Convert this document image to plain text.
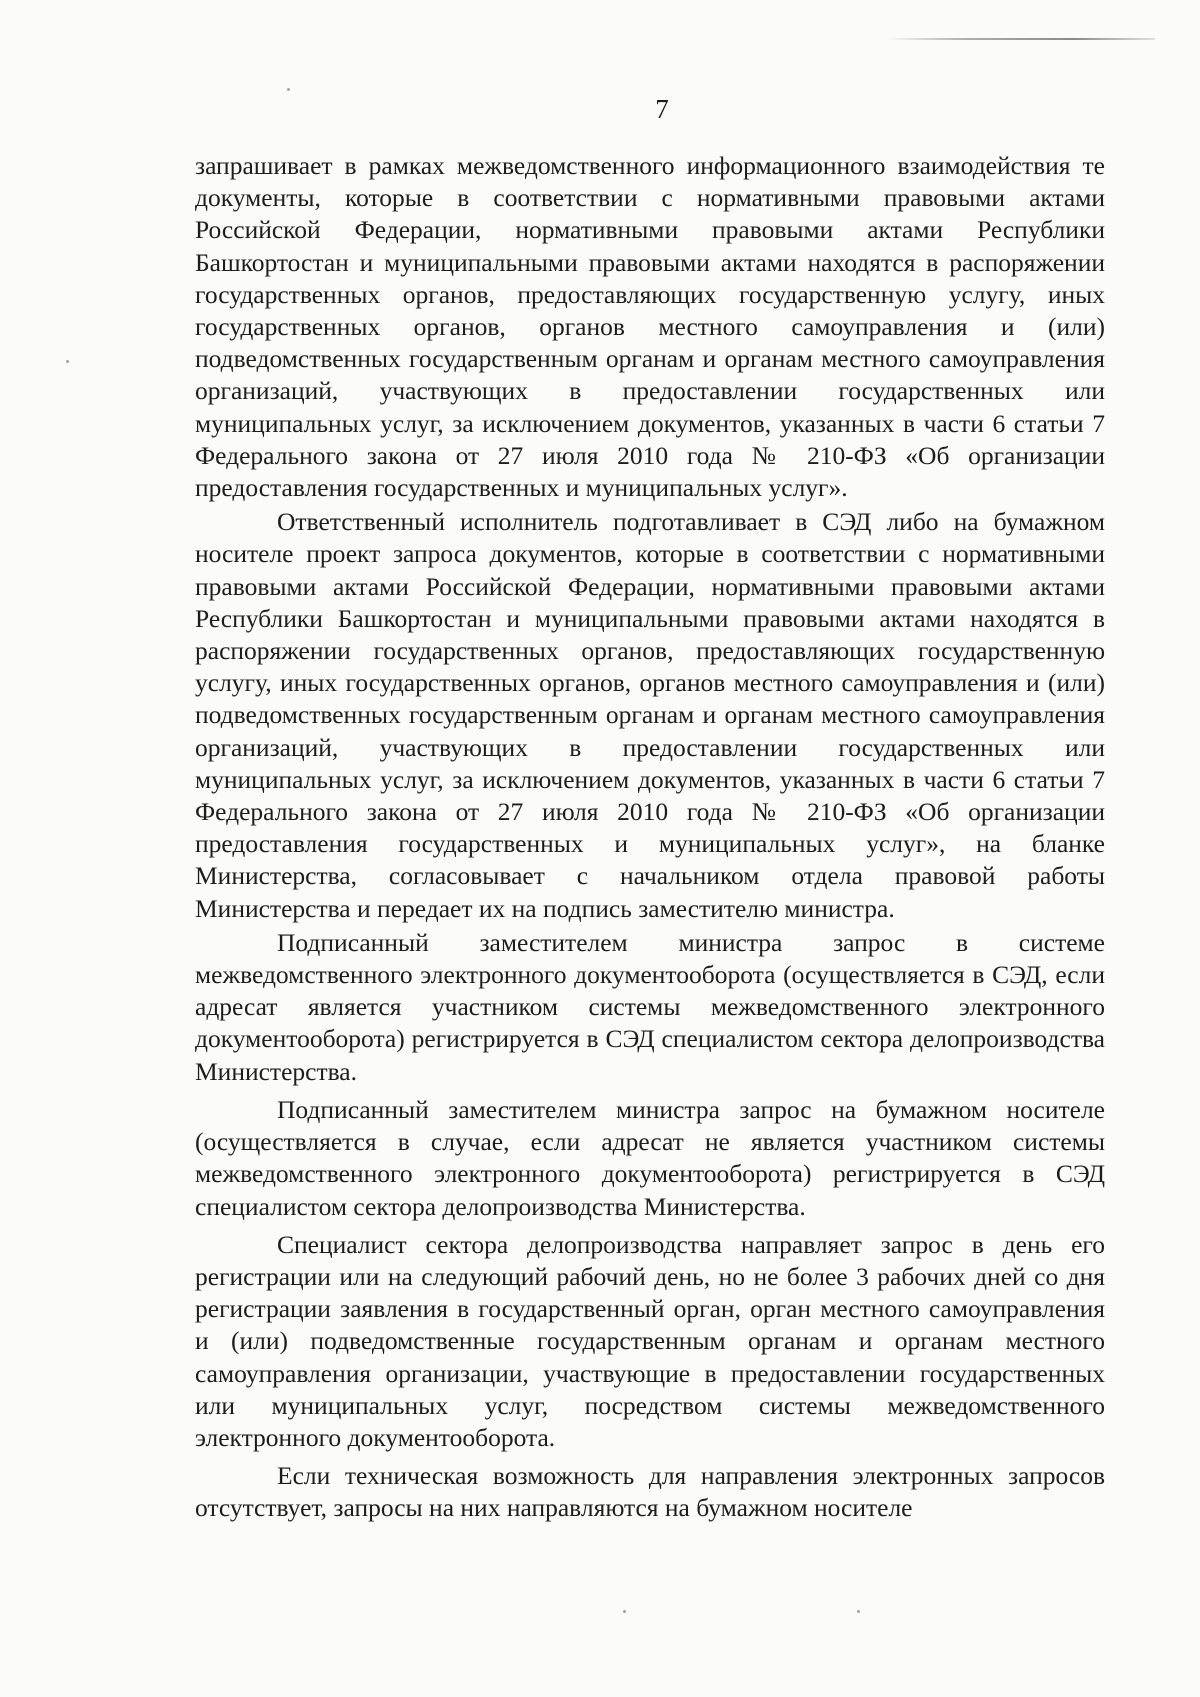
7

запрашивает в рамках межведомственного информационного взаимодействия те документы, которые в соответствии с нормативными правовыми актами Российской Федерации, нормативными правовыми актами Республики Башкортостан и муниципальными правовыми актами находятся в распоряжении государственных органов, предоставляющих государственную услугу, иных государственных органов, органов местного самоуправления и (или) подведомственных государственным органам и органам местного самоуправления организаций, участвующих в предоставлении государственных или муниципальных услуг, за исключением документов, указанных в части 6 статьи 7 Федерального закона от 27 июля 2010 года № 210-ФЗ «Об организации предоставления государственных и муниципальных услуг».

Ответственный исполнитель подготавливает в СЭД либо на бумажном носителе проект запроса документов, которые в соответствии с нормативными правовыми актами Российской Федерации, нормативными правовыми актами Республики Башкортостан и муниципальными правовыми актами находятся в распоряжении государственных органов, предоставляющих государственную услугу, иных государственных органов, органов местного самоуправления и (или) подведомственных государственным органам и органам местного самоуправления организаций, участвующих в предоставлении государственных или муниципальных услуг, за исключением документов, указанных в части 6 статьи 7 Федерального закона от 27 июля 2010 года № 210-ФЗ «Об организации предоставления государственных и муниципальных услуг», на бланке Министерства, согласовывает с начальником отдела правовой работы Министерства и передает их на подпись заместителю министра.

Подписанный заместителем министра запрос в системе межведомственного электронного документооборота (осуществляется в СЭД, если адресат является участником системы межведомственного электронного документооборота) регистрируется в СЭД специалистом сектора делопроизводства Министерства.

Подписанный заместителем министра запрос на бумажном носителе (осуществляется в случае, если адресат не является участником системы межведомственного электронного документооборота) регистрируется в СЭД специалистом сектора делопроизводства Министерства.

Специалист сектора делопроизводства направляет запрос в день его регистрации или на следующий рабочий день, но не более 3 рабочих дней со дня регистрации заявления в государственный орган, орган местного самоуправления и (или) подведомственные государственным органам и органам местного самоуправления организации, участвующие в предоставлении государственных или муниципальных услуг, посредством системы межведомственного электронного документооборота.

Если техническая возможность для направления электронных запросов отсутствует, запросы на них направляются на бумажном носителе
